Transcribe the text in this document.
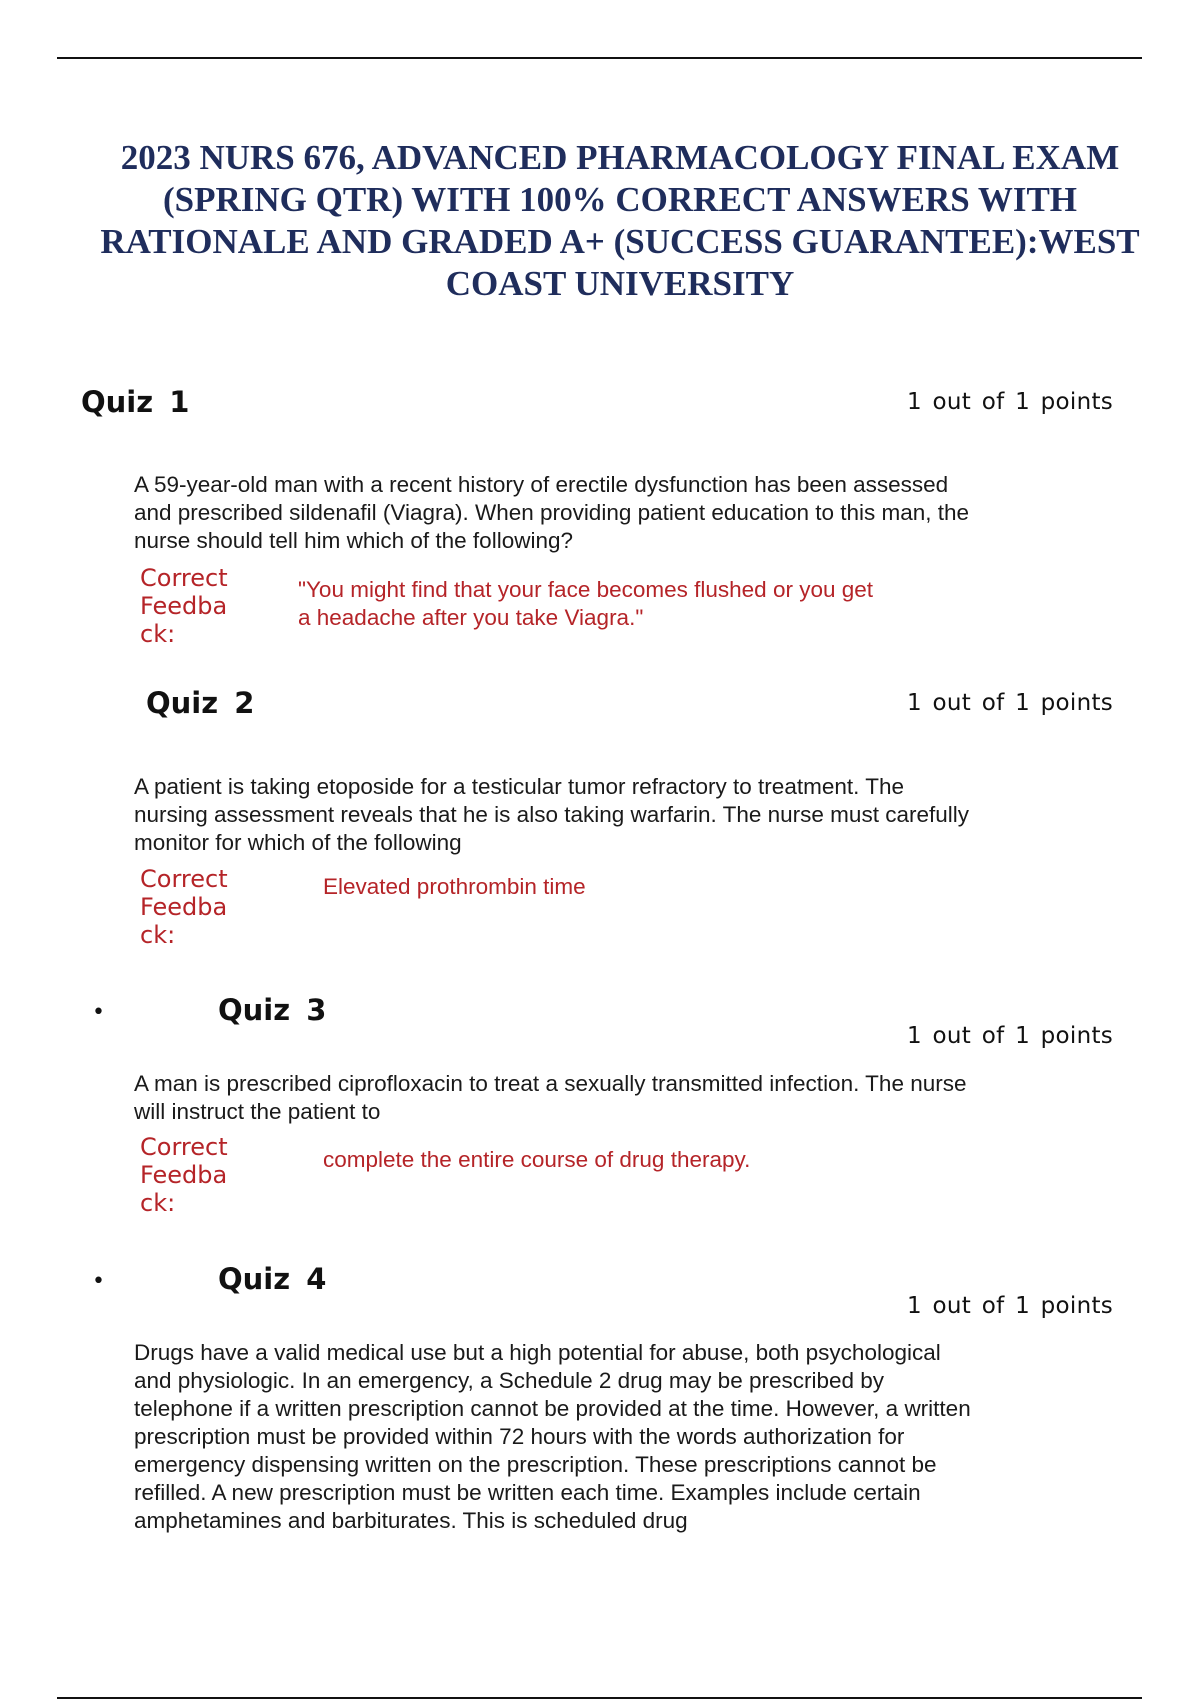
2023 NURS 676, ADVANCED PHARMACOLOGY FINAL EXAM
(SPRING QTR) WITH 100% CORRECT ANSWERS WITH
RATIONALE AND GRADED A+ (SUCCESS GUARANTEE):WEST
COAST UNIVERSITY
Quiz 1	1 out of 1 points
A 59-year-old man with a recent history of erectile dysfunction has been assessed
and prescribed sildenafil (Viagra). When providing patient education to this man, the
nurse should tell him which of the following?
Correct
Feedba
ck:
"You might find that your face becomes flushed or you get
a headache after you take Viagra."
Quiz 2	1 out of 1 points
A patient is taking etoposide for a testicular tumor refractory to treatment. The
nursing assessment reveals that he is also taking warfarin. The nurse must carefully
monitor for which of the following
Correct
Feedba
ck:
Elevated prothrombin time
•	Quiz 3
1 out of 1 points
A man is prescribed ciprofloxacin to treat a sexually transmitted infection. The nurse
will instruct the patient to
Correct
Feedba
ck:
complete the entire course of drug therapy.
•	Quiz 4
1 out of 1 points
Drugs have a valid medical use but a high potential for abuse, both psychological
and physiologic. In an emergency, a Schedule 2 drug may be prescribed by
telephone if a written prescription cannot be provided at the time. However, a written
prescription must be provided within 72 hours with the words authorization for
emergency dispensing written on the prescription. These prescriptions cannot be
refilled. A new prescription must be written each time. Examples include certain
amphetamines and barbiturates. This is scheduled drug
